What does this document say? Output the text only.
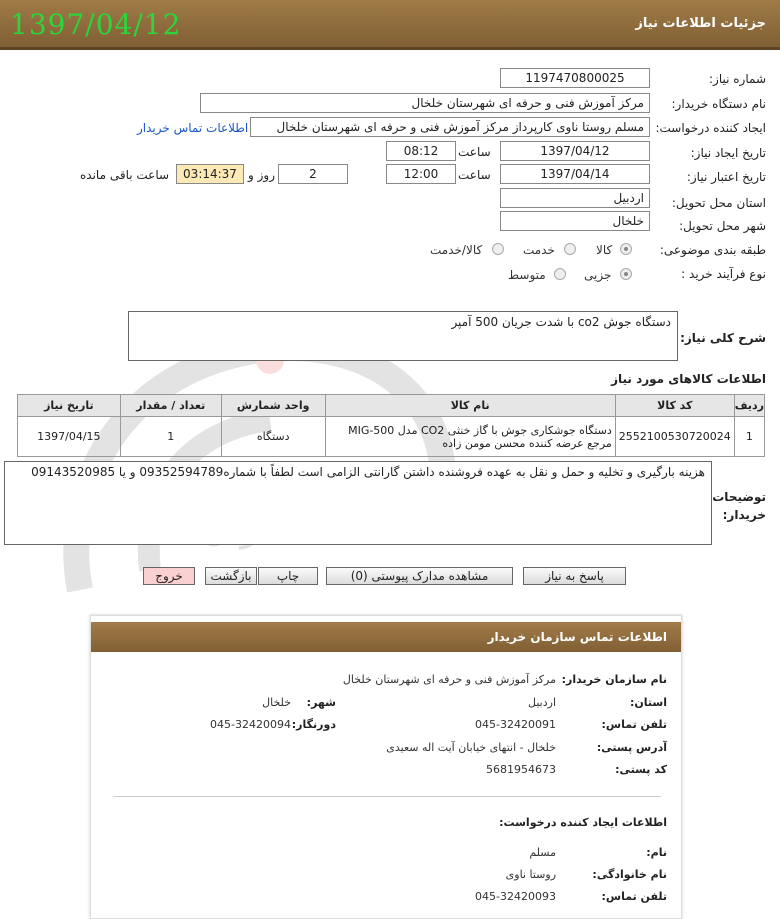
جزئیات اطلاعات نیاز
1397/04/12
شماره نیاز:
1197470800025
نام دستگاه خریدار:
مرکز آموزش فنی و حرفه ای شهرستان خلخال
ایجاد کننده درخواست:
مسلم روستا ناوی کارپرداز مرکز آموزش فنی و حرفه ای شهرستان خلخال
اطلاعات تماس خریدار
تاریخ ایجاد نیاز:
1397/04/12
ساعت
08:12
تاریخ اعتبار نیاز:
1397/04/14
ساعت
12:00
2
روز و
03:14:37
ساعت باقی مانده
استان محل تحویل:
اردبیل
شهر محل تحویل:
خلخال
طبقه بندی موضوعی:
کالا
خدمت
کالا/خدمت
نوع فرآیند خرید :
جزیی
متوسط
شرح کلی نیاز:
دستگاه جوش co2 با شدت جریان 500 آمپر
اطلاعات کالاهای مورد نیاز
ردیف	کد کالا	نام کالا	واحد شمارش	تعداد / مقدار	تاریخ نیاز
1	2552100530720024	دستگاه جوشکاری جوش با گاز خنثی CO2 مدل MIG-500 مرجع عرضه کننده محسن مومن زاده	دستگاه	1	1397/04/15
توضیحات خریدار:
هزینه بارگیری و تخلیه و حمل و نقل به عهده فروشنده داشتن گارانتی الزامی است لطفاً با شماره09352594789 و یا 09143520985
پاسخ به نیاز
مشاهده مدارک پیوستی (0)
چاپ
بازگشت
خروج
اطلاعات تماس سازمان خریدار
نام سازمان خریدار:
مرکز آموزش فنی و حرفه ای شهرستان خلخال
استان:
اردبیل
شهر:
خلخال
تلفن تماس:
045-32420091
دورنگار:
045-32420094
آدرس پستی:
خلخال - انتهای خیابان آیت اله سعیدی
کد پستی:
5681954673
اطلاعات ایجاد کننده درخواست:
نام:
مسلم
نام خانوادگی:
روستا ناوی
تلفن تماس:
045-32420093
